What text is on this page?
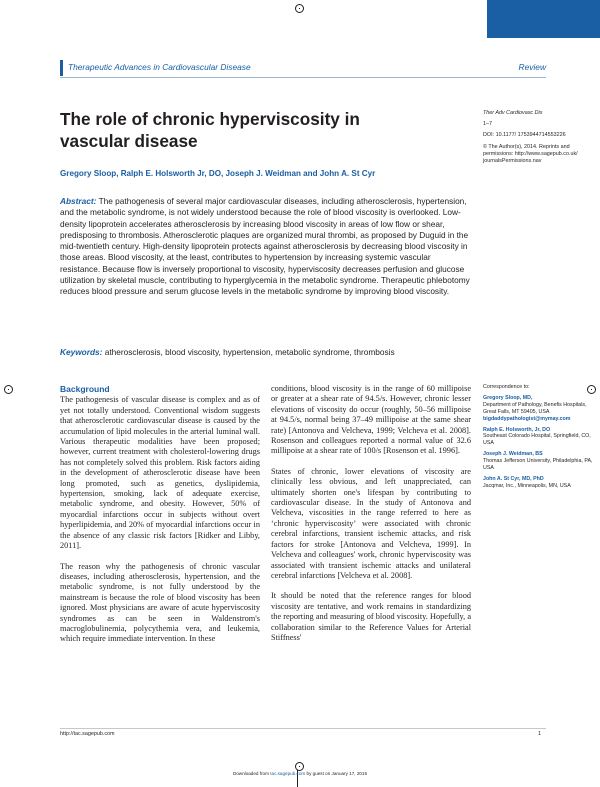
Therapeutic Advances in Cardiovascular Disease	Review
The role of chronic hyperviscosity in vascular disease
Gregory Sloop, Ralph E. Holsworth Jr, DO, Joseph J. Weidman and John A. St Cyr

Ther Adv Cardiovasc Dis

1–7

DOI: 10.1177/ 1753944714553226

© The Author(s), 2014. Reprints and permissions: http://www.sagepub.co.uk/ journalsPermissions.nav

Abstract: The pathogenesis of several major cardiovascular diseases, including atherosclerosis, hypertension, and the metabolic syndrome, is not widely understood because the role of blood viscosity is overlooked. Low-density lipoprotein accelerates atherosclerosis by increasing blood viscosity in areas of low flow or shear, predisposing to thrombosis. Atherosclerotic plaques are organized mural thrombi, as proposed by Duguid in the mid-twentieth century. High-density lipoprotein protects against atherosclerosis by decreasing blood viscosity in those areas. Blood viscosity, at the least, contributes to hypertension by increasing systemic vascular resistance. Because flow is inversely proportional to viscosity, hyperviscosity decreases perfusion and glucose utilization by skeletal muscle, contributing to hyperglycemia in the metabolic syndrome. Therapeutic phlebotomy reduces blood pressure and serum glucose levels in the metabolic syndrome by improving blood viscosity.
Keywords: atherosclerosis, blood viscosity, hypertension, metabolic syndrome, thrombosis
Background

The pathogenesis of vascular disease is complex and as of yet not totally understood. Conventional wisdom suggests that atherosclerotic cardiovascular disease is caused by the accumulation of lipid molecules in the arterial luminal wall. Various therapeutic modalities have been proposed; however, current treatment with cholesterol-lowering drugs has not completely solved this problem. Risk factors aiding in the development of atherosclerotic disease have been long promoted, such as genetics, dyslipidemia, hypertension, smoking, lack of adequate exercise, metabolic syndrome, and obesity. However, 50% of myocardial infarctions occur in subjects without overt hyperlipidemia, and 20% of myocardial infarctions occur in the absence of any classic risk factors [Ridker and Libby, 2011].

The reason why the pathogenesis of chronic vascular diseases, including atherosclerosis, hypertension, and the metabolic syndrome, is not fully understood by the mainstream is because the role of blood viscosity has been ignored. Most physicians are aware of acute hyperviscosity syndromes as can be seen in Waldenstrom's macroglobulinemia, polycythemia vera, and leukemia, which require immediate intervention. In these

conditions, blood viscosity is in the range of 60 millipoise or greater at a shear rate of 94.5/s. However, chronic lesser elevations of viscosity do occur (roughly, 50–56 millipoise at 94.5/s, normal being 37–49 millipoise at the same shear rate) [Antonova and Velcheva, 1999; Velcheva et al. 2008]. Rosenson and colleagues reported a normal value of 32.6 millipoise at a shear rate of 100/s [Rosenson et al. 1996].

States of chronic, lower elevations of viscosity are clinically less obvious, and left unappreciated, can ultimately shorten one's lifespan by contributing to cardiovascular disease. In the study of Antonova and Velcheva, viscosities in the range referred to here as ‘chronic hyperviscosity’ were associated with chronic cerebral infarctions, transient ischemic attacks, and risk factors for stroke [Antonova and Velcheva, 1999]. In Velcheva and colleagues' work, chronic hyperviscosity was associated with transient ischemic attacks and unilateral cerebral infarctions [Velcheva et al. 2008].

It should be noted that the reference ranges for blood viscosity are tentative, and work remains in standardizing the reporting and measuring of blood viscosity. Hopefully, a collaboration similar to the Reference Values for Arterial Stiffness'

Correspondence to:

Gregory Sloop, MD,
Department of Pathology, Benefis Hospitals, Great Falls, MT 59405, USA
bigdaddypathologist@mymay.com

Ralph E. Holsworth, Jr, DO
Southeast Colorado Hospital, Springfield, CO, USA

Joseph J. Weidman, BS
Thomas Jefferson University, Philadelphia, PA, USA

John A. St Cyr, MD, PhD
Jacqmar, Inc., Minneapolis, MN, USA

http://tac.sagepub.com	1
Downloaded from tac.sagepub.com by guest on January 17, 2015
